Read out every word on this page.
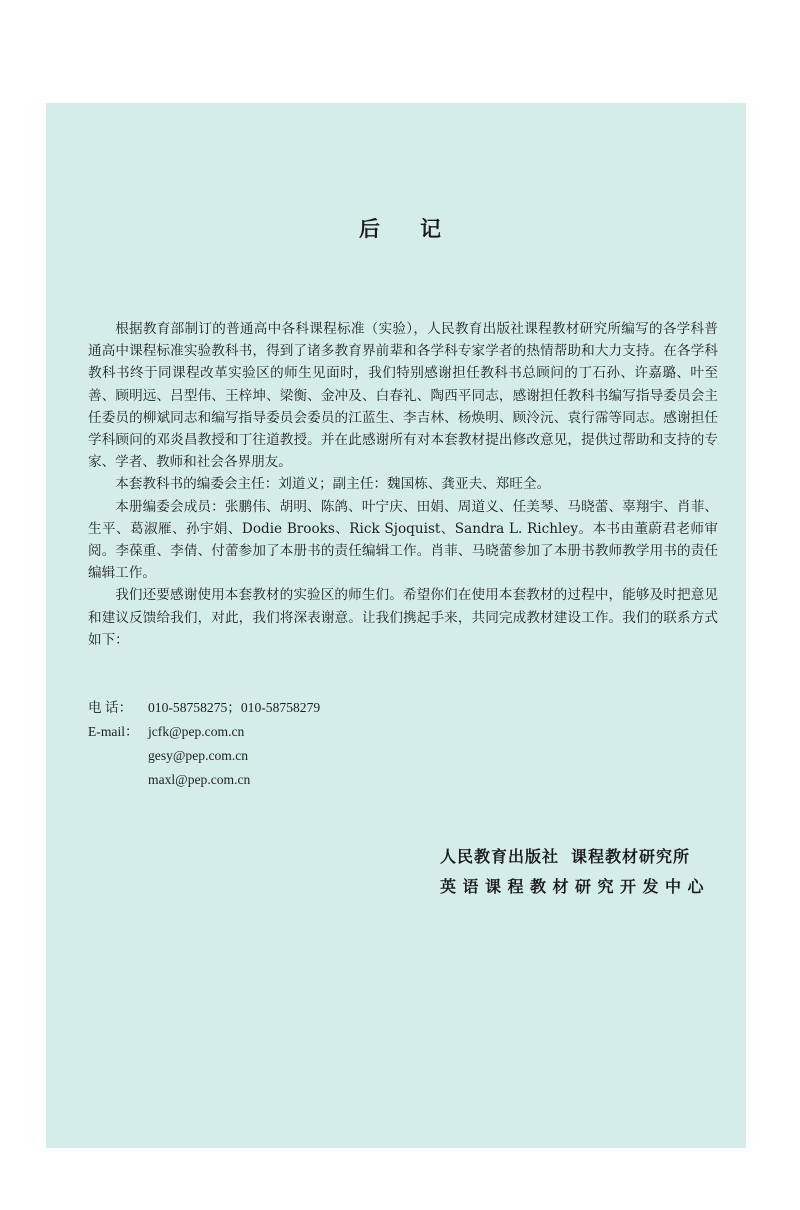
后记

根据教育部制订的普通高中各科课程标准（实验），人民教育出版社课程教材研究所编写的各学科普通高中课程标准实验教科书，得到了诸多教育界前辈和各学科专家学者的热情帮助和大力支持。在各学科教科书终于同课程改革实验区的师生见面时，我们特别感谢担任教科书总顾问的丁石孙、许嘉璐、叶至善、顾明远、吕型伟、王梓坤、梁衡、金冲及、白春礼、陶西平同志，感谢担任教科书编写指导委员会主任委员的柳斌同志和编写指导委员会委员的江蓝生、李吉林、杨焕明、顾泠沅、袁行霈等同志。感谢担任学科顾问的邓炎昌教授和丁往道教授。并在此感谢所有对本套教材提出修改意见，提供过帮助和支持的专家、学者、教师和社会各界朋友。

本套教科书的编委会主任：刘道义；副主任：魏国栋、龚亚夫、郑旺全。

本册编委会成员：张鹏伟、胡明、陈鸽、叶宁庆、田娟、周道义、任美琴、马晓蕾、辜翔宇、肖菲、生平、葛淑雁、孙宇娟、Dodie Brooks、Rick Sjoquist、Sandra L. Richley。本书由董蔚君老师审阅。李葆重、李倩、付蕾参加了本册书的责任编辑工作。肖菲、马晓蕾参加了本册书教师教学用书的责任编辑工作。

我们还要感谢使用本套教材的实验区的师生们。希望你们在使用本套教材的过程中，能够及时把意见和建议反馈给我们，对此，我们将深表谢意。让我们携起手来，共同完成教材建设工作。我们的联系方式如下：

电 话：	010-58758275；010-58758279
E-mail： jcfk@pep.com.cn
gesy@pep.com.cn
maxl@pep.com.cn
人民教育出版社 课程教材研究所
英语课程教材研究开发中心
